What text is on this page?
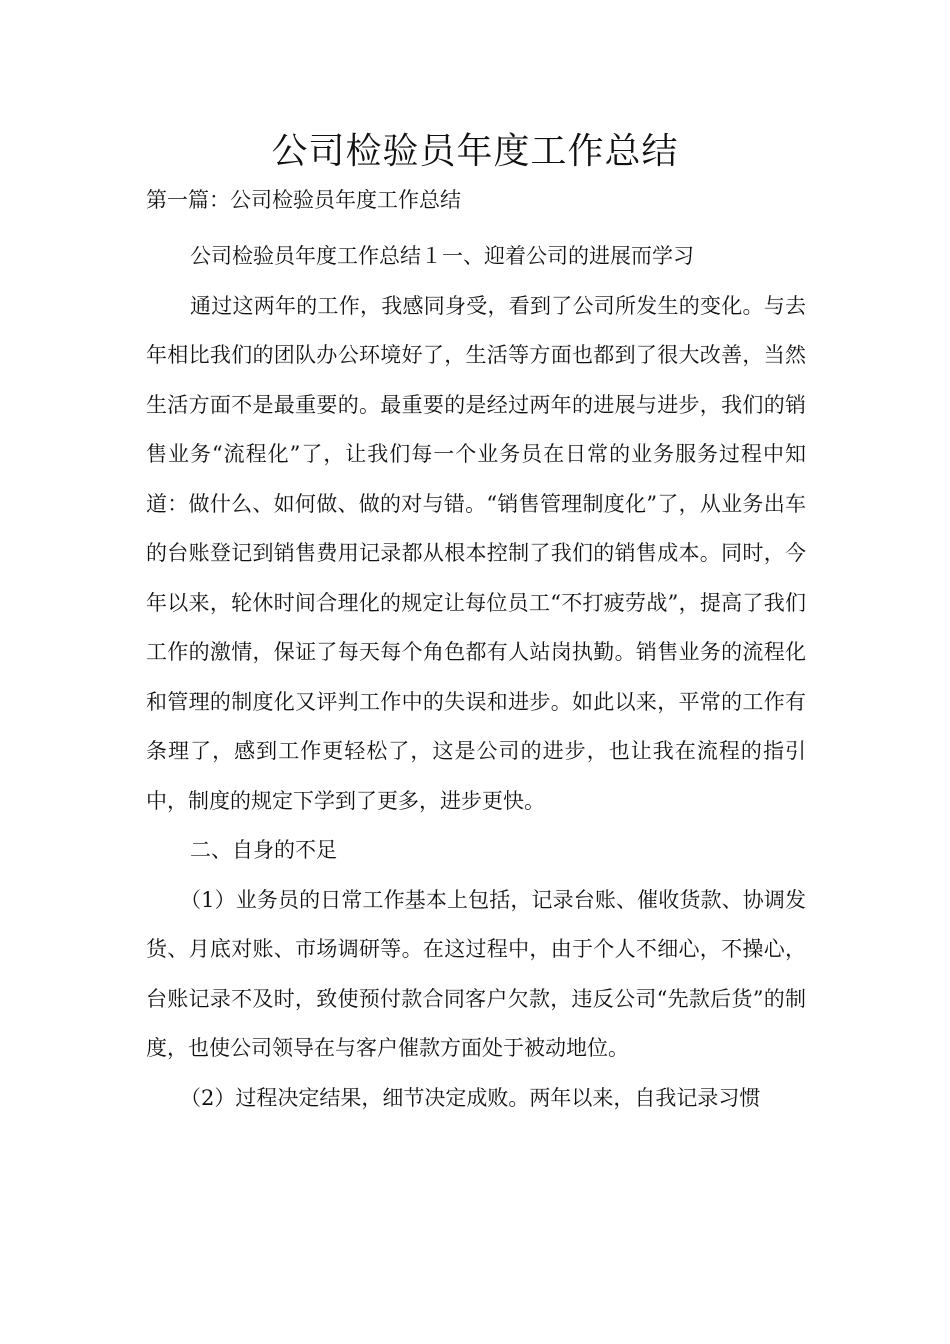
公司检验员年度工作总结
第一篇：公司检验员年度工作总结

公司检验员年度工作总结１一、迎着公司的进展而学习

通过这两年的工作，我感同身受，看到了公司所发生的变化。与去年相比我们的团队办公环境好了，生活等方面也都到了很大改善，当然生活方面不是最重要的。最重要的是经过两年的进展与进步，我们的销售业务“流程化”了，让我们每一个业务员在日常的业务服务过程中知道：做什么、如何做、做的对与错。“销售管理制度化”了，从业务出车的台账登记到销售费用记录都从根本控制了我们的销售成本。同时，今年以来，轮休时间合理化的规定让每位员工“不打疲劳战”，提高了我们工作的激情，保证了每天每个角色都有人站岗执勤。销售业务的流程化和管理的制度化又评判工作中的失误和进步。如此以来，平常的工作有条理了，感到工作更轻松了，这是公司的进步，也让我在流程的指引中，制度的规定下学到了更多，进步更快。

二、自身的不足

（1）业务员的日常工作基本上包括，记录台账、催收货款、协调发货、月底对账、市场调研等。在这过程中，由于个人不细心，不操心，台账记录不及时，致使预付款合同客户欠款，违反公司“先款后货”的制度，也使公司领导在与客户催款方面处于被动地位。

（2）过程决定结果，细节决定成败。两年以来，自我记录习惯
